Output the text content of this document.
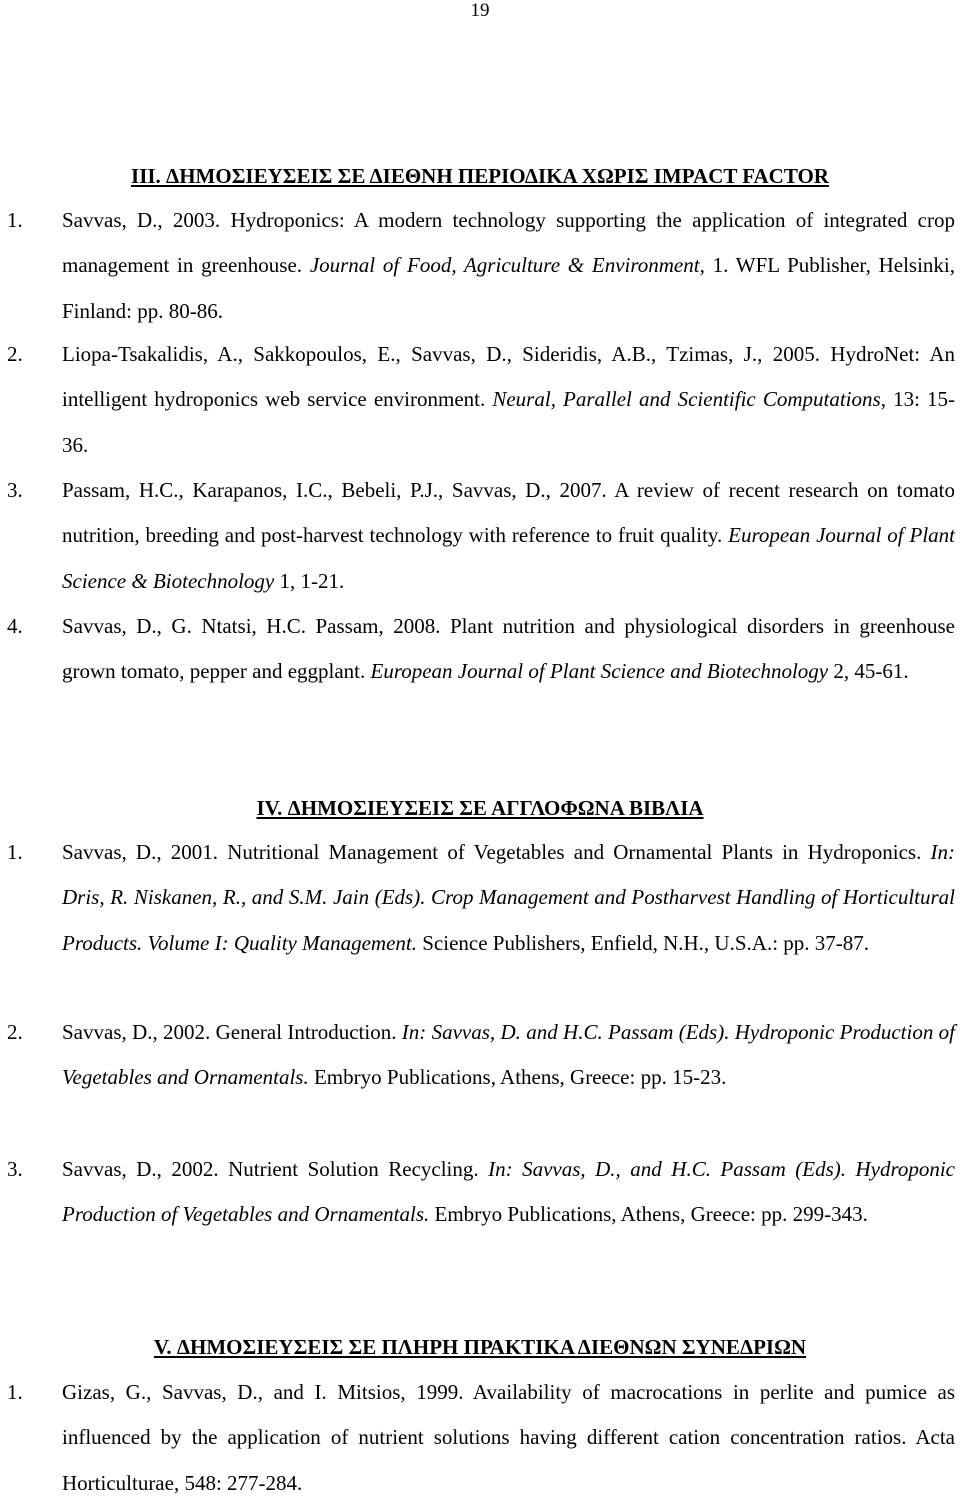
19
III. ΔΗΜΟΣΙΕΥΣΕΙΣ ΣΕ ΔΙΕΘΝΗ ΠΕΡΙΟΔΙΚΑ ΧΩΡΙΣ IMPACT FACTOR
1. Savvas, D., 2003. Hydroponics: A modern technology supporting the application of integrated crop management in greenhouse. Journal of Food, Agriculture & Environment, 1. WFL Publisher, Helsinki, Finland: pp. 80-86.

2. Liopa-Tsakalidis, A., Sakkopoulos, E., Savvas, D., Sideridis, A.B., Tzimas, J., 2005. HydroNet: An intelligent hydroponics web service environment. Neural, Parallel and Scientific Computations, 13: 15-36.

3. Passam, H.C., Karapanos, I.C., Bebeli, P.J., Savvas, D., 2007. A review of recent research on tomato nutrition, breeding and post-harvest technology with reference to fruit quality. European Journal of Plant Science & Biotechnology 1, 1-21.

4. Savvas, D., G. Ntatsi, H.C. Passam, 2008. Plant nutrition and physiological disorders in greenhouse grown tomato, pepper and eggplant. European Journal of Plant Science and Biotechnology 2, 45-61.

IV. ΔΗΜΟΣΙΕΥΣΕΙΣ ΣΕ ΑΓΓΛΟΦΩΝΑ ΒΙΒΛΙΑ
1. Savvas, D., 2001. Nutritional Management of Vegetables and Ornamental Plants in Hydroponics. In: Dris, R. Niskanen, R., and S.M. Jain (Eds). Crop Management and Postharvest Handling of Horticultural Products. Volume I: Quality Management. Science Publishers, Enfield, N.H., U.S.A.: pp. 37-87.

2. Savvas, D., 2002. General Introduction. In: Savvas, D. and H.C. Passam (Eds). Hydroponic Production of Vegetables and Ornamentals. Embryo Publications, Athens, Greece: pp. 15-23.

3. Savvas, D., 2002. Nutrient Solution Recycling. In: Savvas, D., and H.C. Passam (Eds). Hydroponic Production of Vegetables and Ornamentals. Embryo Publications, Athens, Greece: pp. 299-343.

V. ΔΗΜΟΣΙΕΥΣΕΙΣ ΣΕ ΠΛΗΡΗ ΠΡΑΚΤΙΚΑ ΔΙΕΘΝΩΝ ΣΥΝΕΔΡΙΩΝ
1. Gizas, G., Savvas, D., and I. Mitsios, 1999. Availability of macrocations in perlite and pumice as influenced by the application of nutrient solutions having different cation concentration ratios. Acta Horticulturae, 548: 277-284.
